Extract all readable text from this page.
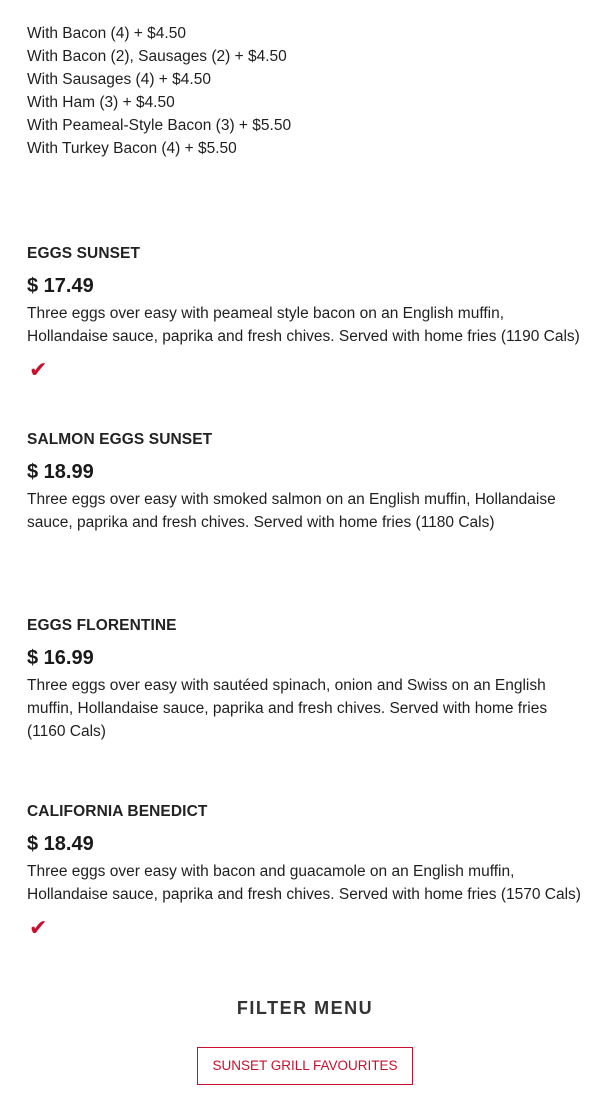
With Bacon (4) + $4.50
With Bacon (2), Sausages (2) + $4.50
With Sausages (4) + $4.50
With Ham (3) + $4.50
With Peameal-Style Bacon (3) + $5.50
With Turkey Bacon (4) + $5.50
EGGS SUNSET
$ 17.49
Three eggs over easy with peameal style bacon on an English muffin, Hollandaise sauce, paprika and fresh chives. Served with home fries (1190 Cals)
✔
SALMON EGGS SUNSET
$ 18.99
Three eggs over easy with smoked salmon on an English muffin, Hollandaise sauce, paprika and fresh chives. Served with home fries (1180 Cals)
EGGS FLORENTINE
$ 16.99
Three eggs over easy with sautéed spinach, onion and Swiss on an English muffin, Hollandaise sauce, paprika and fresh chives. Served with home fries (1160 Cals)
CALIFORNIA BENEDICT
$ 18.49
Three eggs over easy with bacon and guacamole on an English muffin, Hollandaise sauce, paprika and fresh chives. Served with home fries (1570 Cals)
✔
FILTER MENU
SUNSET GRILL FAVOURITES
